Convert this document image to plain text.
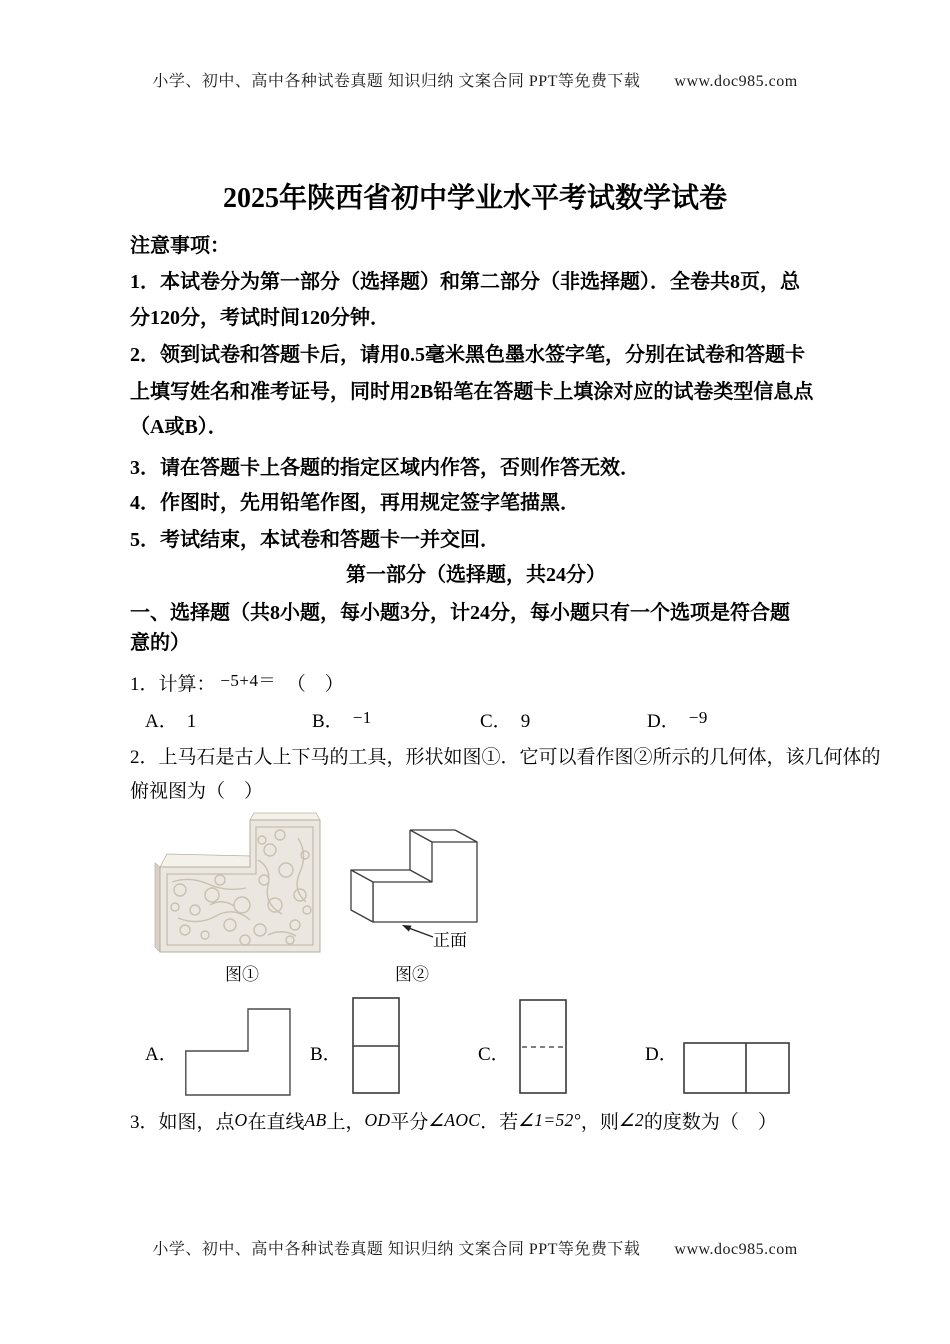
小学、初中、高中各种试卷真题 知识归纳 文案合同 PPT等免费下载 www.doc985.com
2025年陕西省初中学业水平考试数学试卷
注意事项：
1．本试卷分为第一部分（选择题）和第二部分（非选择题）．全卷共8页，总
分120分，考试时间120分钟．
2．领到试卷和答题卡后，请用0.5毫米黑色墨水签字笔，分别在试卷和答题卡
上填写姓名和准考证号，同时用2B铅笔在答题卡上填涂对应的试卷类型信息点
（A或B）．
3．请在答题卡上各题的指定区域内作答，否则作答无效．
4．作图时，先用铅笔作图，再用规定签字笔描黑．
5．考试结束，本试卷和答题卡一并交回．
第一部分（选择题，共24分）
一、选择题（共8小题，每小题3分，计24分，每小题只有一个选项是符合题
意的）
1．计算： −5+4＝ （　）
A． 1	B． −1	C． 9	D． −9
2．上马石是古人上下马的工具，形状如图①．它可以看作图②所示的几何体，该几何体的
俯视图为（　）
图①	图②
正面
A．	B．	C．	D．
3．如图，点O在直线AB上，OD平分∠AOC．若∠1=52°，则∠2的度数为（　）
小学、初中、高中各种试卷真题 知识归纳 文案合同 PPT等免费下载 www.doc985.com
